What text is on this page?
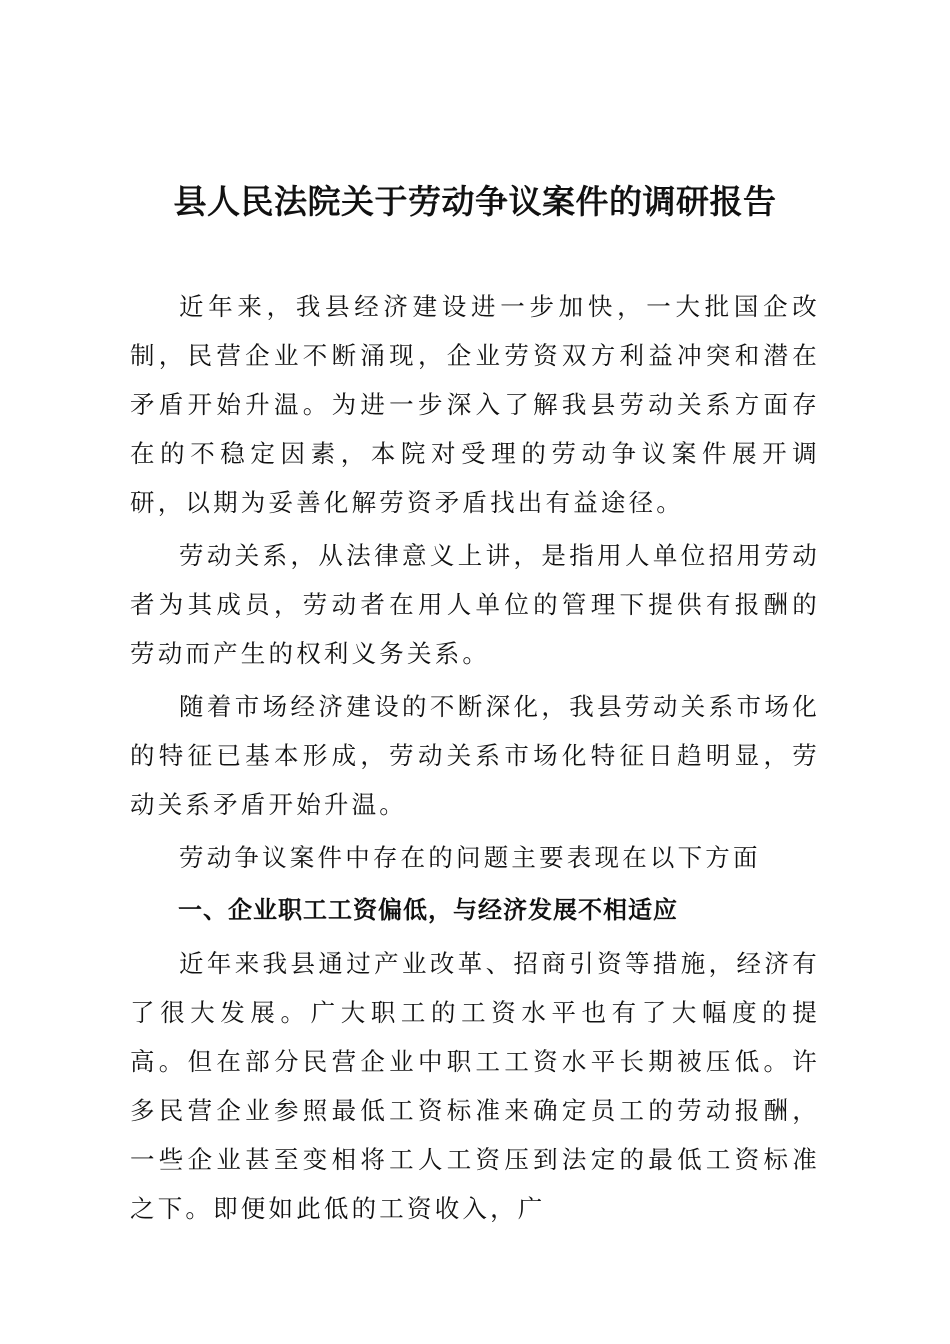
县人民法院关于劳动争议案件的调研报告

近年来，我县经济建设进一步加快，一大批国企改制，民营企业不断涌现，企业劳资双方利益冲突和潜在矛盾开始升温。为进一步深入了解我县劳动关系方面存在的不稳定因素，本院对受理的劳动争议案件展开调研，以期为妥善化解劳资矛盾找出有益途径。

劳动关系，从法律意义上讲，是指用人单位招用劳动者为其成员，劳动者在用人单位的管理下提供有报酬的劳动而产生的权利义务关系。

随着市场经济建设的不断深化，我县劳动关系市场化的特征已基本形成，劳动关系市场化特征日趋明显，劳动关系矛盾开始升温。

劳动争议案件中存在的问题主要表现在以下方面

一、企业职工工资偏低，与经济发展不相适应

近年来我县通过产业改革、招商引资等措施，经济有了很大发展。广大职工的工资水平也有了大幅度的提高。但在部分民营企业中职工工资水平长期被压低。许多民营企业参照最低工资标准来确定员工的劳动报酬，一些企业甚至变相将工人工资压到法定的最低工资标准之下。即便如此低的工资收入，广
